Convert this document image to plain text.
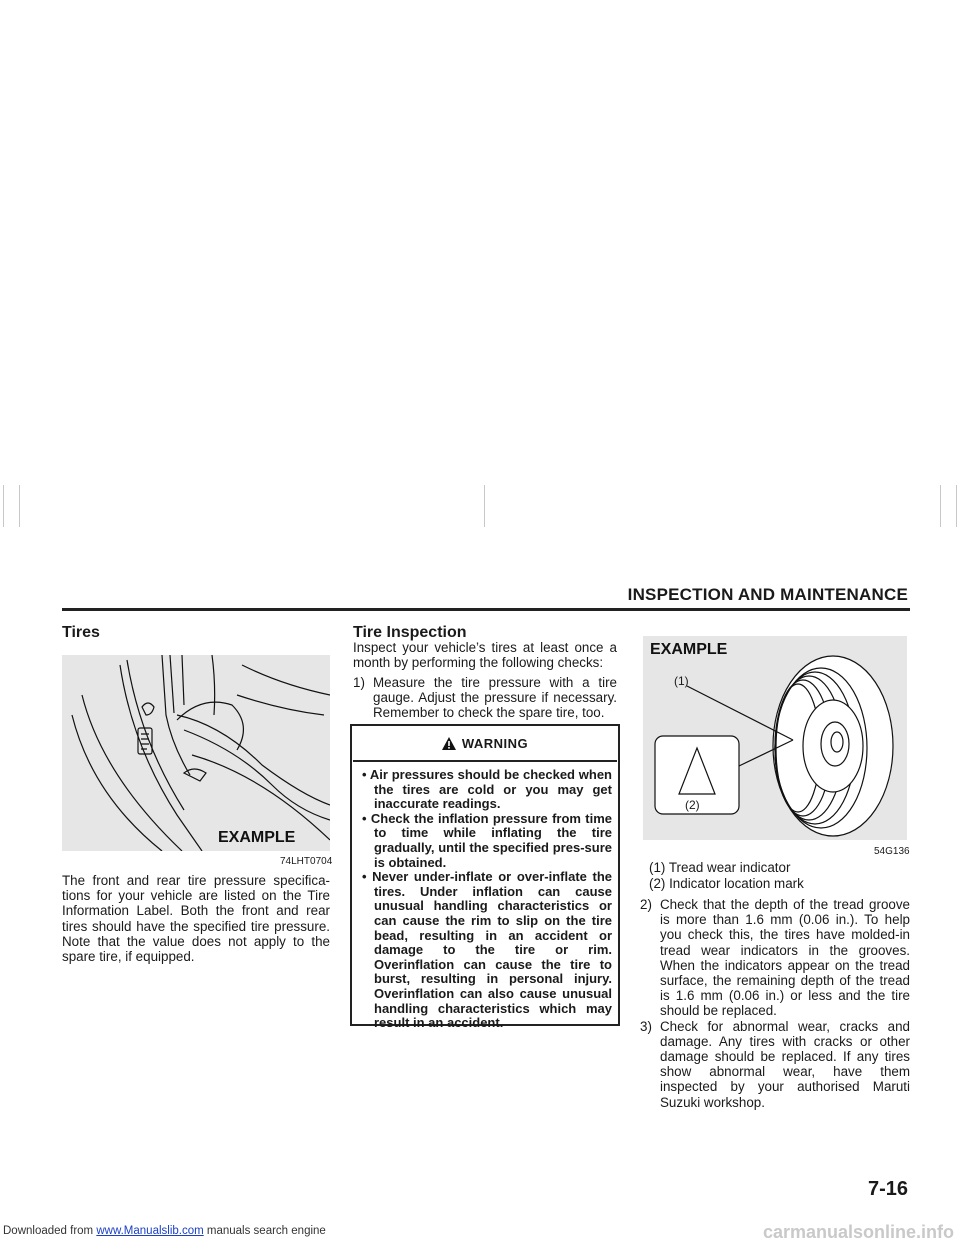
INSPECTION AND MAINTENANCE
Tires
EXAMPLE
74LHT0704
The front and rear tire pressure specifica-tions for your vehicle are listed on the Tire Information Label. Both the front and rear tires should have the specified tire pressure. Note that the value does not apply to the spare tire, if equipped.
Tire Inspection
Inspect your vehicle’s tires at least once a month by performing the following checks:
1) Measure the tire pressure with a tire gauge. Adjust the pressure if necessary. Remember to check the spare tire, too.
WARNING
• Air pressures should be checked when the tires are cold or you may get inaccurate readings.
• Check the inflation pressure from time to time while inflating the tire gradually, until the specified pres-sure is obtained.
• Never under-inflate or over-inflate the tires. Under inflation can cause unusual handling characteristics or can cause the rim to slip on the tire bead, resulting in an accident or damage to the tire or rim. Overinflation can cause the tire to burst, resulting in personal injury. Overinflation can also cause unusual handling characteristics which may result in an accident.
EXAMPLE
(1)
(2)
54G136
(1) Tread wear indicator
(2) Indicator location mark
2) Check that the depth of the tread groove is more than 1.6 mm (0.06 in.). To help you check this, the tires have molded-in tread wear indicators in the grooves. When the indicators appear on the tread surface, the remaining depth of the tread is 1.6 mm (0.06 in.) or less and the tire should be replaced.
3) Check for abnormal wear, cracks and damage. Any tires with cracks or other damage should be replaced. If any tires show abnormal wear, have them inspected by your authorised Maruti Suzuki workshop.
7-16
Downloaded from www.Manualslib.com manuals search engine	carmanualsonline.info
